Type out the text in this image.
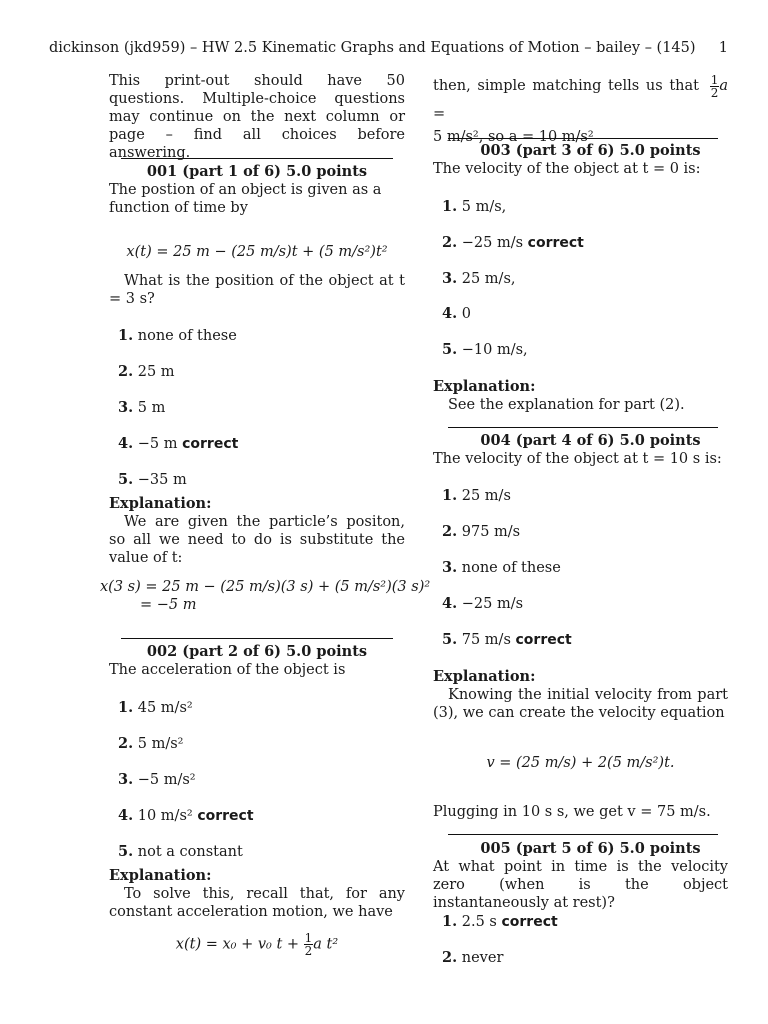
dickinson (jkd959) – HW 2.5 Kinematic Graphs and Equations of Motion – bailey – (145) 1

This print-out should have 50 questions. Multiple-choice questions may continue on the next column or page – find all choices before answering.

001 (part 1 of 6) 5.0 points

The postion of an object is given as a function of time by

x(t) = 25 m − (25 m/s)t + (5 m/s²)t²

What is the position of the object at t = 3 s?

1. none of these

2. 25 m

3. 5 m

4. −5 m correct

5. −35 m

Explanation:

We are given the particle’s positon, so all we need to do is substitute the value of t:

x(3 s) = 25 m − (25 m/s)(3 s) + (5 m/s²)(3 s)²

= −5 m

002 (part 2 of 6) 5.0 points

The acceleration of the object is

1. 45 m/s²

2. 5 m/s²

3. −5 m/s²

4. 10 m/s² correct

5. not a constant

Explanation:

To solve this, recall that, for any constant acceleration motion, we have

x(t) = x₀ + v₀ $t + \frac{1}{2}$ a t²

then, simple matching tells us that $\frac{1}{2}$ a =

5 m/s², so a = 10 m/s²

003 (part 3 of 6) 5.0 points

The velocity of the object at t = 0 is:

1. 5 m/s,

2. −25 m/s correct

3. 25 m/s,

4. 0

5. −10 m/s,

Explanation:

See the explanation for part (2).

004 (part 4 of 6) 5.0 points

The velocity of the object at t = 10 s is:

1. 25 m/s

2. 975 m/s

3. none of these

4. −25 m/s

5. 75 m/s correct

Explanation:

Knowing the initial velocity from part (3), we can create the velocity equation

v = (25 m/s) + 2(5 m/s²)t.

Plugging in 10 s s, we get v = 75 m/s.

005 (part 5 of 6) 5.0 points

At what point in time is the velocity zero (when is the object instantaneously at rest)?

1. 2.5 s correct

2. never
